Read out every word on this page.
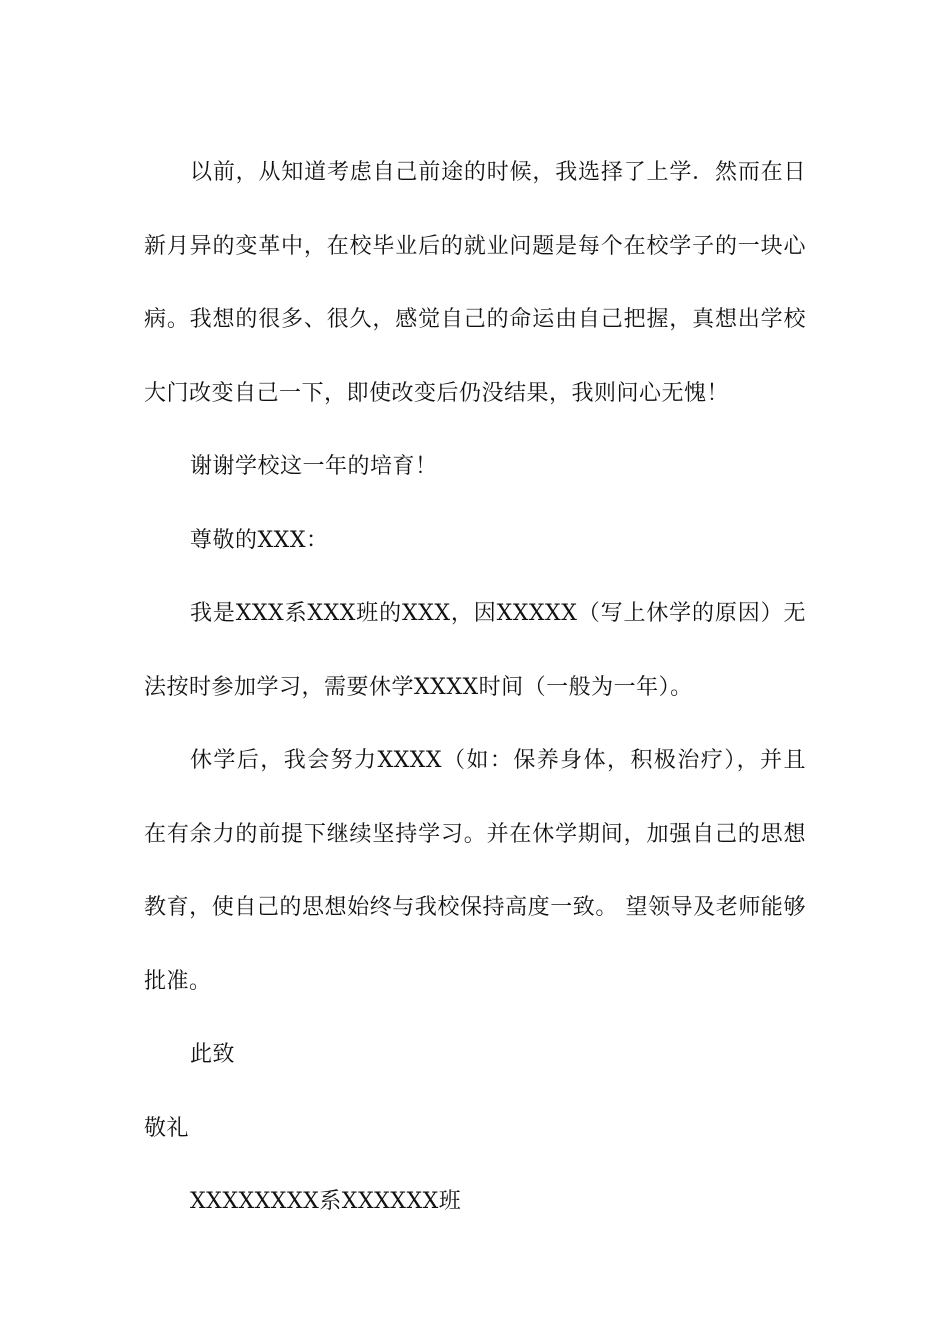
以前，从知道考虑自己前途的时候，我选择了上学．然而在日新月异的变革中，在校毕业后的就业问题是每个在校学子的一块心病。我想的很多、很久，感觉自己的命运由自己把握，真想出学校大门改变自己一下，即使改变后仍没结果，我则问心无愧！

谢谢学校这一年的培育！

尊敬的XXX：

我是XXX系XXX班的XXX，因XXXXX（写上休学的原因）无法按时参加学习，需要休学XXXX时间（一般为一年）。

休学后，我会努力XXXX（如：保养身体，积极治疗），并且在有余力的前提下继续坚持学习。并在休学期间，加强自己的思想教育，使自己的思想始终与我校保持高度一致。 望领导及老师能够批准。

此致

敬礼

XXXXXXXX系XXXXXX班
